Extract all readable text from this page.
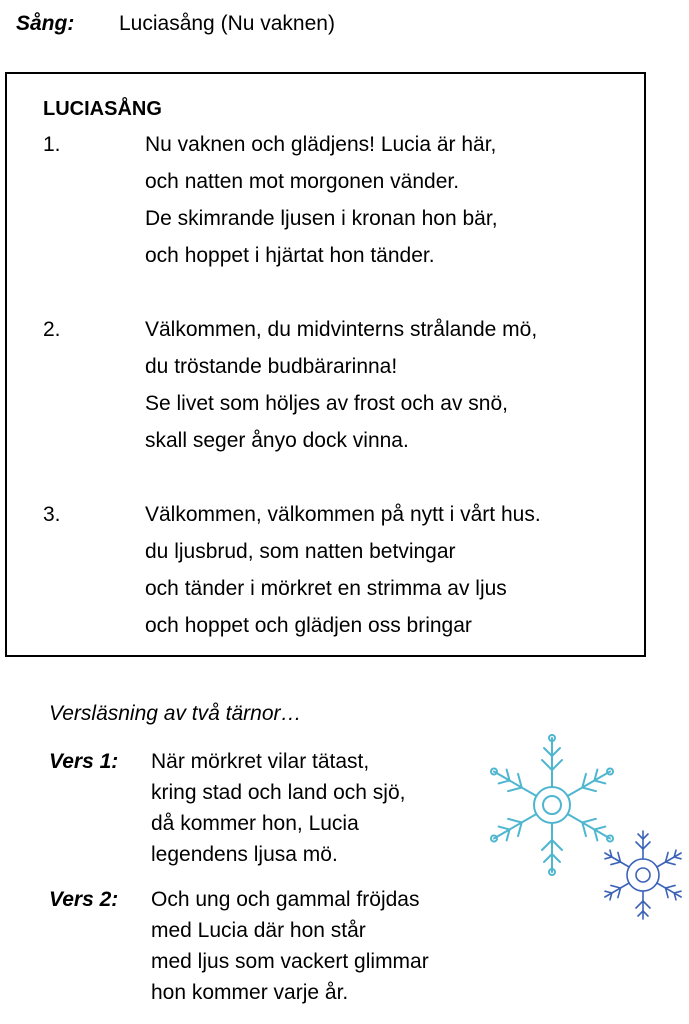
Sång:	Luciasång (Nu vaknen)
LUCIASÅNG
1.	Nu vaknen och glädjens! Lucia är här,
och natten mot morgonen vänder.
De skimrande ljusen i kronan hon bär,
och hoppet i hjärtat hon tänder.
2.	Välkommen, du midvinterns strålande mö,
du tröstande budbärarinna!
Se livet som höljes av frost och av snö,
skall seger ånyo dock vinna.
3.	Välkommen, välkommen på nytt i vårt hus.
du ljusbrud, som natten betvingar
och tänder i mörkret en strimma av ljus
och hoppet och glädjen oss bringar
Versläsning av två tärnor…
Vers 1:	När mörkret vilar tätast,
kring stad och land och sjö,
då kommer hon, Lucia
legendens ljusa mö.
Vers 2:	Och ung och gammal fröjdas
med Lucia där hon står
med ljus som vackert glimmar
hon kommer varje år.
